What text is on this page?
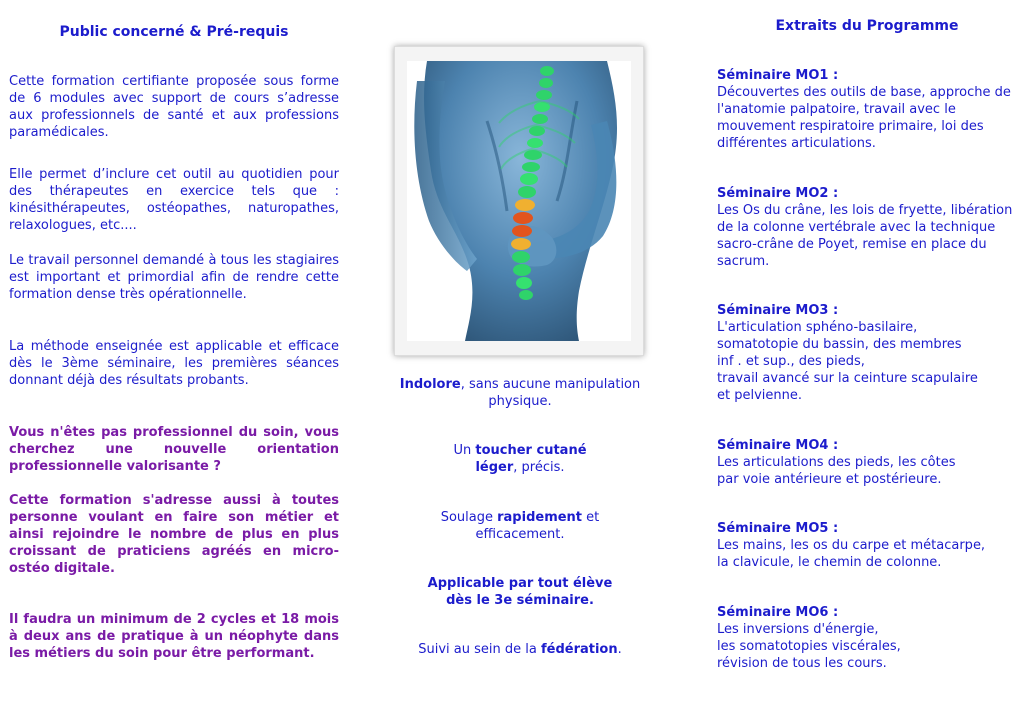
Public concerné & Pré-requis

Cette formation certifiante proposée sous forme de 6 modules avec support de cours s’adresse aux professionnels de santé et aux professions paramédicales.

Elle permet d’inclure cet outil au quotidien pour des thérapeutes en exercice tels que : kinésithérapeutes, ostéopathes, naturopathes, relaxologues, etc....

Le travail personnel demandé à tous les stagiaires est important et primordial afin de rendre cette formation dense très opérationnelle.

La méthode enseignée est applicable et efficace dès le 3ème séminaire, les premières séances donnant déjà des résultats probants.

Vous n'êtes pas professionnel du soin, vous cherchez une nouvelle orientation professionnelle valorisante ?

Cette formation s'adresse aussi à toutes personne voulant en faire son métier et ainsi rejoindre le nombre de plus en plus croissant de praticiens agréés en micro-ostéo digitale.

Il faudra un minimum de 2 cycles et 18 mois à deux ans de pratique à un néophyte dans les métiers du soin pour être performant.

Indolore, sans aucune manipulation physique.

Un toucher cutané léger, précis.

Soulage rapidement et efficacement.

Applicable par tout élève dès le 3e séminaire.

Suivi au sein de la fédération.

Extraits du Programme
Séminaire MO1 :
Découvertes des outils de base, approche de l'anatomie palpatoire, travail avec le mouvement respiratoire primaire, loi des différentes articulations.
Séminaire MO2 :
Les Os du crâne, les lois de fryette, libération de la colonne vertébrale avec la technique sacro-crâne de Poyet, remise en place du sacrum.
Séminaire MO3 :
L'articulation sphéno-basilaire,
somatotopie du bassin, des membres
inf . et sup., des pieds,
travail avancé sur la ceinture scapulaire
et pelvienne.
Séminaire MO4 :
Les articulations des pieds, les côtes
par voie antérieure et postérieure.
Séminaire MO5 :
Les mains, les os du carpe et métacarpe,
la clavicule, le chemin de colonne.
Séminaire MO6 :
Les inversions d'énergie,
les somatotopies viscérales,
révision de tous les cours.
